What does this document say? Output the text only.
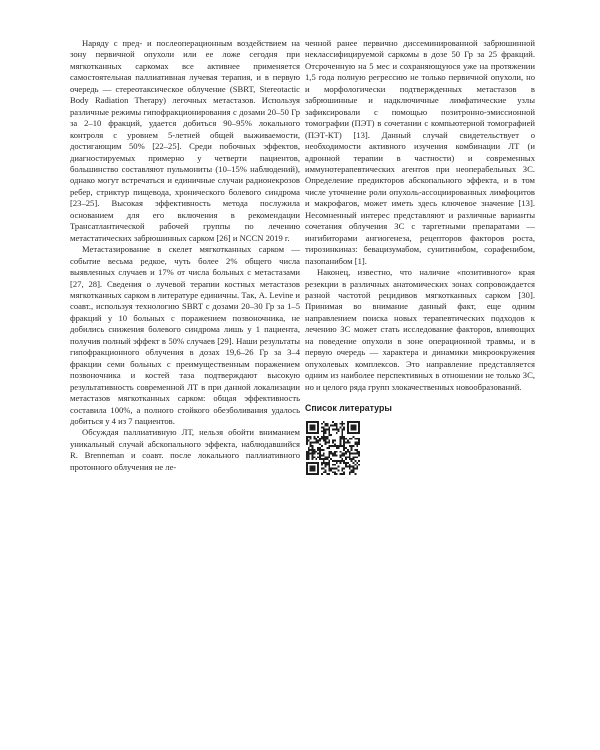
Наряду с пред- и послеоперационным воздействием на зону первичной опухоли или ее ложе сегодня при мягкотканных саркомах все активнее применяется самостоятельная паллиативная лучевая терапия, и в первую очередь — стереотаксическое облучение (SBRT, Stereotactic Body Radiation Therapy) легочных метастазов. Используя различные режимы гипофракционирования с дозами 20–50 Гр за 2–10 фракций, удается добиться 90–95% локального контроля с уровнем 5-летней общей выживаемости, достигающим 50% [22–25]. Среди побочных эффектов, диагностируемых примерно у четверти пациентов, большинство составляют пульмониты (10–15% наблюдений), однако могут встречаться и единичные случаи радионекрозов ребер, стриктур пищевода, хронического болевого синдрома [23–25]. Высокая эффективность метода послужила основанием для его включения в рекомендации Трансатлантической рабочей группы по лечению метастатических забрюшинных сарком [26] и NCCN 2019 г.

Метастазирование в скелет мягкотканных сарком — событие весьма редкое, чуть более 2% общего числа выявленных случаев и 17% от числа больных с метастазами [27, 28]. Сведения о лучевой терапии костных метастазов мягкотканных сарком в литературе единичны. Так, A. Levine и соавт., используя технологию SBRT с дозами 20–30 Гр за 1–5 фракций у 10 больных с поражением позвоночника, не добились снижения болевого синдрома лишь у 1 пациента, получив полный эффект в 50% случаев [29]. Наши результаты гипофракционного облучения в дозах 19,6–26 Гр за 3–4 фракции семи больных с преимущественным поражением позвоночника и костей таза подтверждают высокую результативность современной ЛТ в при данной локализации метастазов мягкотканных сарком: общая эффективность составила 100%, а полного стойкого обезболивания удалось добиться у 4 из 7 пациентов.

Обсуждая паллиативную ЛТ, нельзя обойти вниманием уникальный случай абскопального эффекта, наблюдавшийся R. Brenneman и соавт. после локального паллиативного протонного облучения не ле-

ченной ранее первично диссеминированной забрюшинной неклассифицируемой саркомы в дозе 50 Гр за 25 фракций. Отсроченную на 5 мес и сохраняющуюся уже на протяжении 1,5 года полную регрессию не только первичной опухоли, но и морфологически подтвержденных метастазов в забрюшинные и надключичные лимфатические узлы зафиксировали с помощью позитронно-эмиссионной томографии (ПЭТ) в сочетании с компьютерной томографией (ПЭТ-КТ) [13]. Данный случай свидетельствует о необходимости активного изучения комбинации ЛТ (и адронной терапии в частности) и современных иммунотерапевтических агентов при неоперабельных ЗС. Определение предикторов абскопального эффекта, и в том числе уточнение роли опухоль-ассоциированных лимфоцитов и макрофагов, может иметь здесь ключевое значение [13]. Несомненный интерес представляют и различные варианты сочетания облучения ЗС с таргетными препаратами — ингибиторами ангиогенеза, рецепторов факторов роста, тирозинкиназ: бевацизумабом, сунитинибом, сорафенибом, пазопанибом [1].

Наконец, известно, что наличие «позитивного» края резекции в различных анатомических зонах сопровождается разной частотой рецидивов мягкотканных сарком [30]. Принимая во внимание данный факт, еще одним направлением поиска новых терапевтических подходов к лечению ЗС может стать исследование факторов, влияющих на поведение опухоли в зоне операционной травмы, и в первую очередь — характера и динамики микроокружения опухолевых комплексов. Это направление представляется одним из наиболее перспективных в отношении не только ЗС, но и целого ряда групп злокачественных новообразований.

Список литературы
